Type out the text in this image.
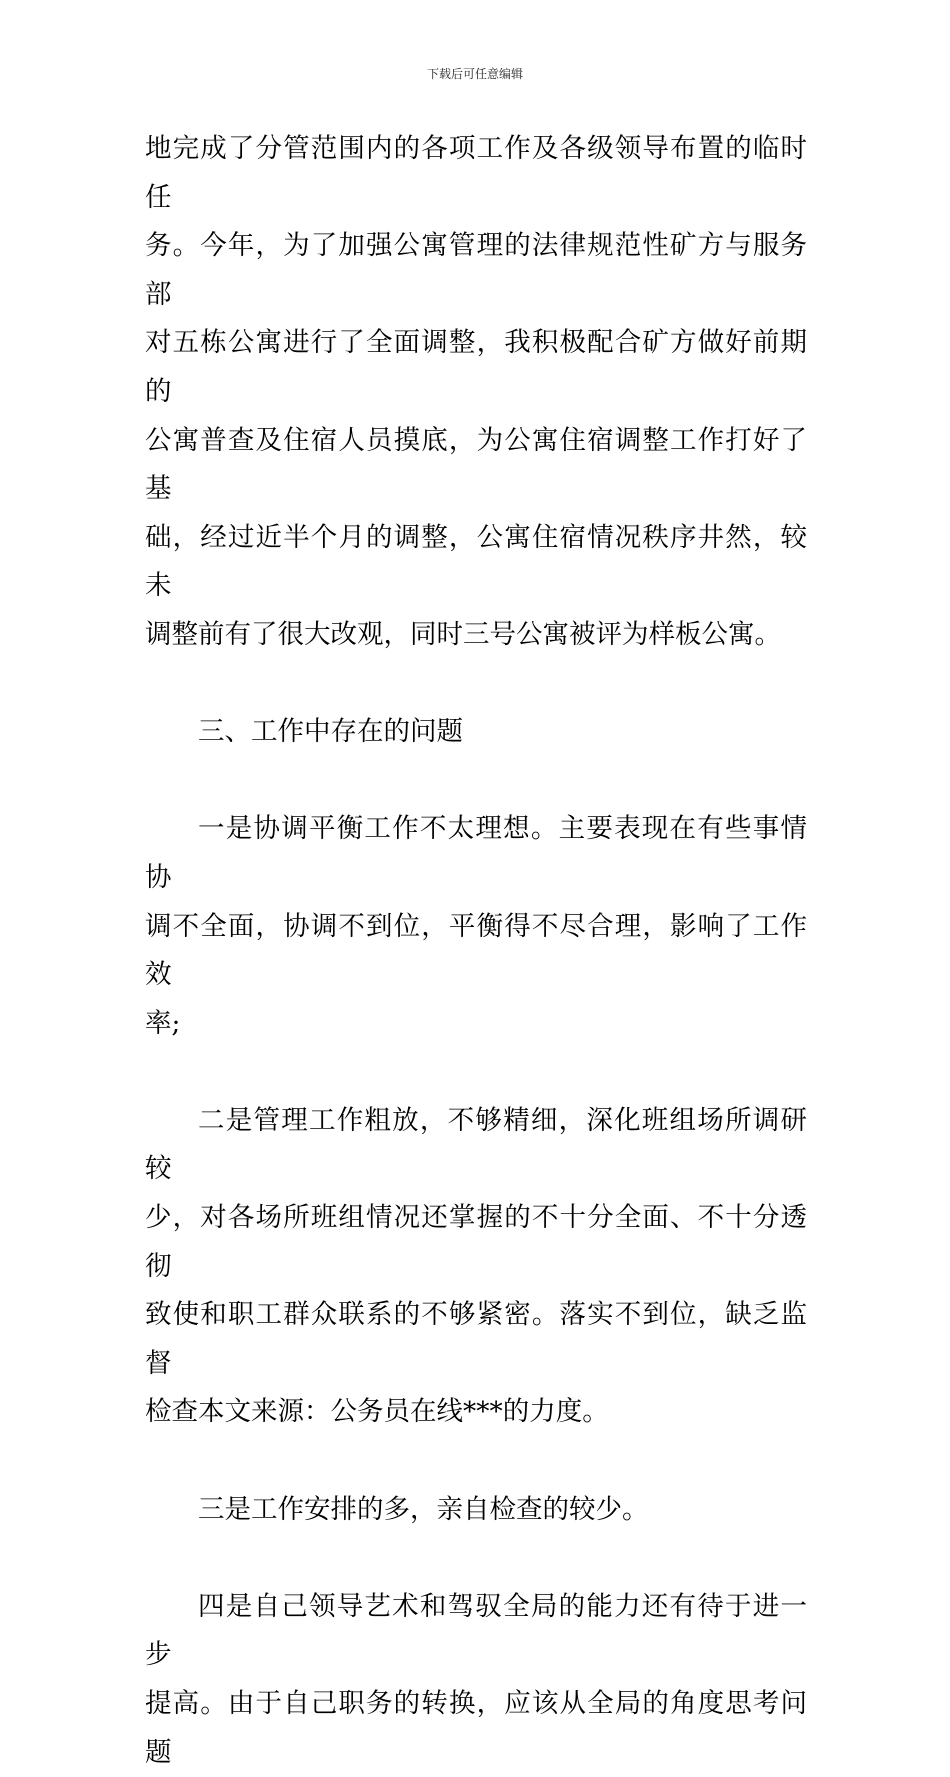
下载后可任意编辑
地完成了分管范围内的各项工作及各级领导布置的临时任
务。今年，为了加强公寓管理的法律规范性矿方与服务部
对五栋公寓进行了全面调整，我积极配合矿方做好前期的
公寓普查及住宿人员摸底，为公寓住宿调整工作打好了基
础，经过近半个月的调整，公寓住宿情况秩序井然，较未
调整前有了很大改观，同时三号公寓被评为样板公寓。
三、工作中存在的问题
一是协调平衡工作不太理想。主要表现在有些事情协
调不全面，协调不到位，平衡得不尽合理，影响了工作效
率;
二是管理工作粗放，不够精细，深化班组场所调研较
少，对各场所班组情况还掌握的不十分全面、不十分透彻
致使和职工群众联系的不够紧密。落实不到位，缺乏监督
检查本文来源：公务员在线***的力度。
三是工作安排的多，亲自检查的较少。
四是自己领导艺术和驾驭全局的能力还有待于进一步
提高。由于自己职务的转换，应该从全局的角度思考问题
